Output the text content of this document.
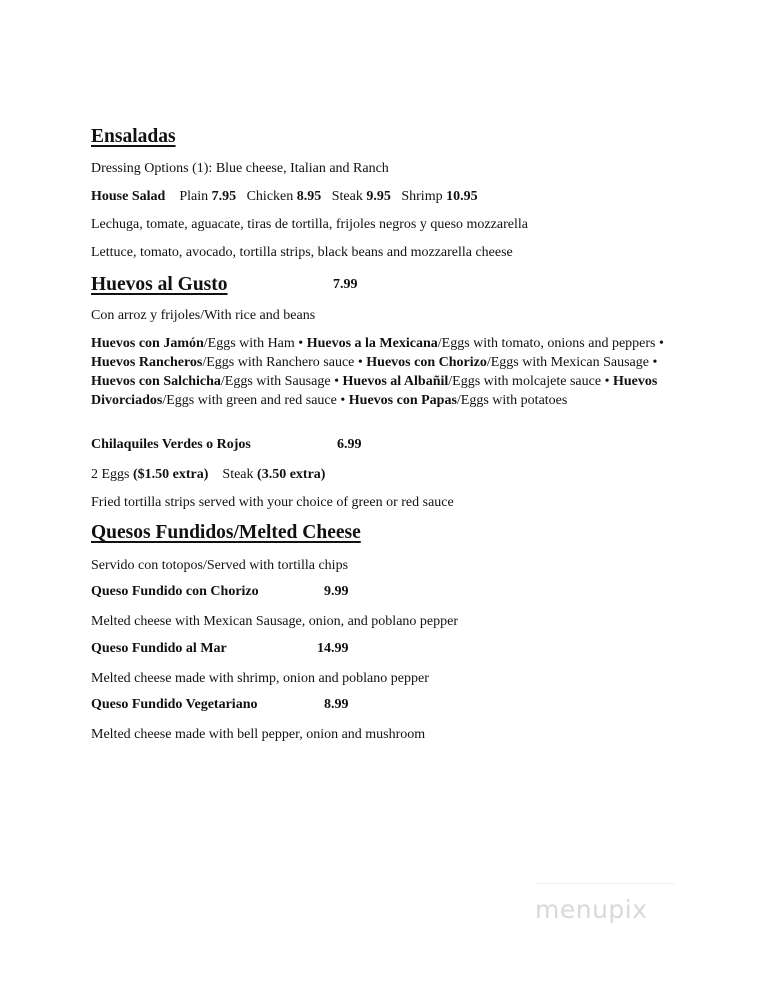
Ensaladas
Dressing Options (1): Blue cheese, Italian and Ranch
House Salad Plain 7.95 Chicken 8.95 Steak 9.95 Shrimp 10.95
Lechuga, tomate, aguacate, tiras de tortilla, frijoles negros y queso mozzarella
Lettuce, tomato, avocado, tortilla strips, black beans and mozzarella cheese
Huevos al Gusto	7.99
Con arroz y frijoles/With rice and beans
Huevos con Jamón/Eggs with Ham • Huevos a la Mexicana/Eggs with tomato, onions and peppers • Huevos Rancheros/Eggs with Ranchero sauce • Huevos con Chorizo/Eggs with Mexican Sausage • Huevos con Salchicha/Eggs with Sausage • Huevos al Albañil/Eggs with molcajete sauce • Huevos Divorciados/Eggs with green and red sauce • Huevos con Papas/Eggs with potatoes
Chilaquiles Verdes o Rojos	6.99
2 Eggs ($1.50 extra) Steak (3.50 extra)
Fried tortilla strips served with your choice of green or red sauce
Quesos Fundidos/Melted Cheese
Servido con totopos/Served with tortilla chips
Queso Fundido con Chorizo	9.99
Melted cheese with Mexican Sausage, onion, and poblano pepper
Queso Fundido al Mar	14.99
Melted cheese made with shrimp, onion and poblano pepper
Queso Fundido Vegetariano	8.99
Melted cheese made with bell pepper, onion and mushroom
menupix
